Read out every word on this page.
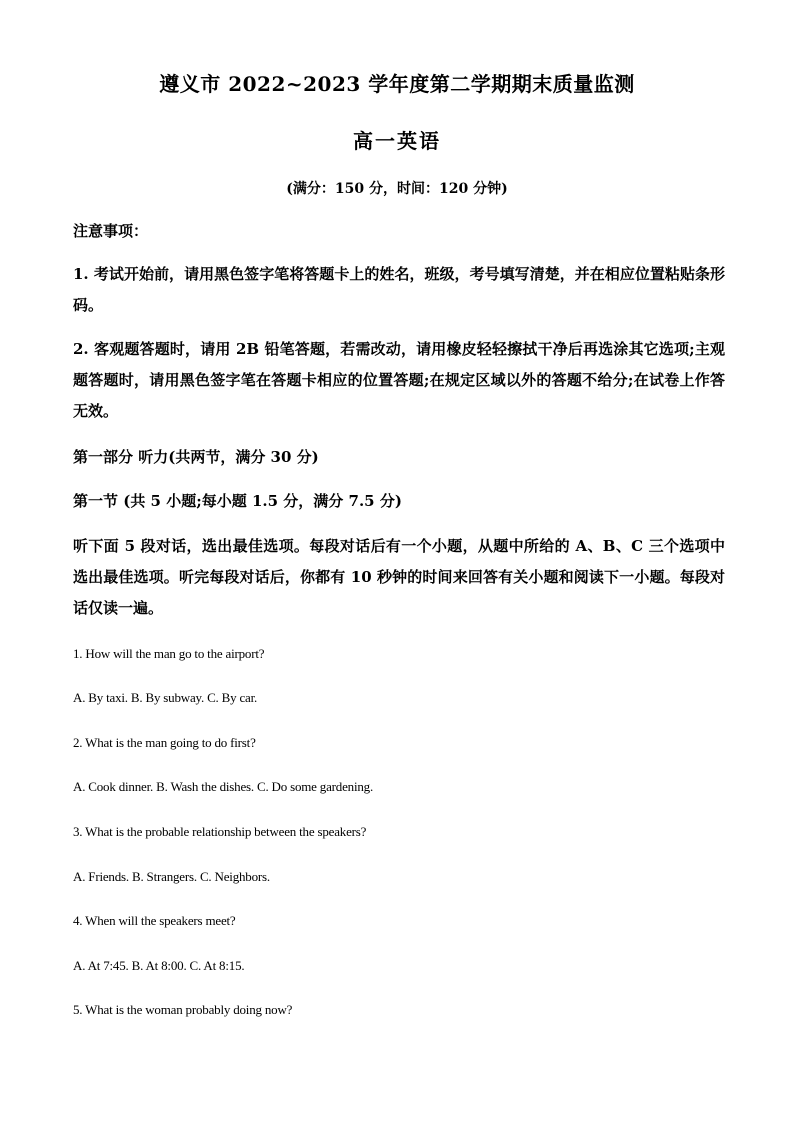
遵义市 2022~2023 学年度第二学期期末质量监测
高一英语
(满分：150 分，时间：120 分钟)
注意事项：
1. 考试开始前，请用黑色签字笔将答题卡上的姓名，班级，考号填写清楚，并在相应位置粘贴条形码。
2. 客观题答题时，请用 2B 铅笔答题，若需改动，请用橡皮轻轻擦拭干净后再选涂其它选项;主观题答题时，请用黑色签字笔在答题卡相应的位置答题;在规定区域以外的答题不给分;在试卷上作答无效。
第一部分 听力(共两节，满分 30 分)
第一节 (共 5 小题;每小题 1.5 分，满分 7.5 分)
听下面 5 段对话，选出最佳选项。每段对话后有一个小题，从题中所给的 A、B、C 三个选项中选出最佳选项。听完每段对话后，你都有 10 秒钟的时间来回答有关小题和阅读下一小题。每段对话仅读一遍。
1. How will the man go to the airport?
A. By taxi. B. By subway. C. By car.
2. What is the man going to do first?
A. Cook dinner. B. Wash the dishes. C. Do some gardening.
3. What is the probable relationship between the speakers?
A. Friends. B. Strangers. C. Neighbors.
4. When will the speakers meet?
A. At 7:45. B. At 8:00. C. At 8:15.
5. What is the woman probably doing now?
